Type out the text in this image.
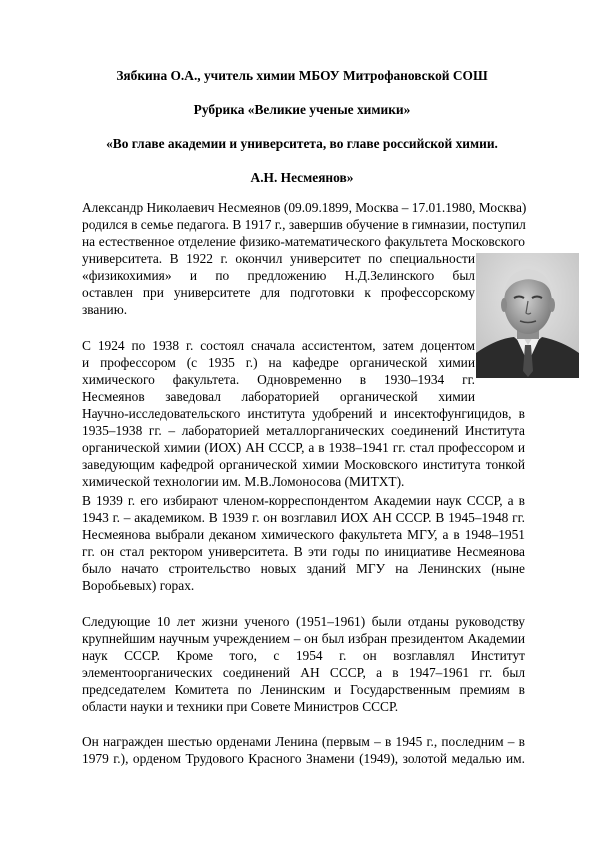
Зябкина О.А., учитель химии МБОУ Митрофановской СОШ
Рубрика «Великие ученые химики»
«Во главе академии и университета, во главе российской химии.
А.Н. Несмеянов»
Александр Николаевич Несмеянов (09.09.1899, Москва – 17.01.1980, Москва)
родился в семье педагога. В 1917 г., завершив обучение в гимназии, поступил
на естественное отделение физико-математического факультета Московского
университета. В 1922 г. окончил университет по специальности
«физикохимия» и по предложению Н.Д.Зелинского был
оставлен при университете для подготовки к профессорскому
званию.
С 1924 по 1938 г. состоял сначала ассистентом, затем доцентом
и профессором (с 1935 г.) на кафедре органической химии
химического факультета. Одновременно в 1930–1934 гг.
Несмеянов заведовал лабораторией органической химии
Научно-исследовательского института удобрений и инсектофунгицидов, в
1935–1938 гг. – лабораторией металлорганических соединений Института
органической химии (ИОХ) АН СССР, а в 1938–1941 гг. стал профессором и
заведующим кафедрой органической химии Московского института тонкой
химической технологии им. М.В.Ломоносова (МИТХТ).
В 1939 г. его избирают членом-корреспондентом Академии наук СССР, а в
1943 г. – академиком. В 1939 г. он возглавил ИОХ АН СССР. В 1945–1948 гг.
Несмеянова выбрали деканом химического факультета МГУ, а в 1948–1951
гг. он стал ректором университета. В эти годы по инициативе Несмеянова
было начато строительство новых зданий МГУ на Ленинских (ныне
Воробьевых) горах.
Следующие 10 лет жизни ученого (1951–1961) были отданы руководству
крупнейшим научным учреждением – он был избран президентом Академии
наук СССР. Кроме того, с 1954 г. он возглавлял Институт
элементоорганических соединений АН СССР, а в 1947–1961 гг. был
председателем Комитета по Ленинским и Государственным премиям в
области науки и техники при Совете Министров СССР.
Он награжден шестью орденами Ленина (первым – в 1945 г., последним – в
1979 г.), орденом Трудового Красного Знамени (1949), золотой медалью им.
